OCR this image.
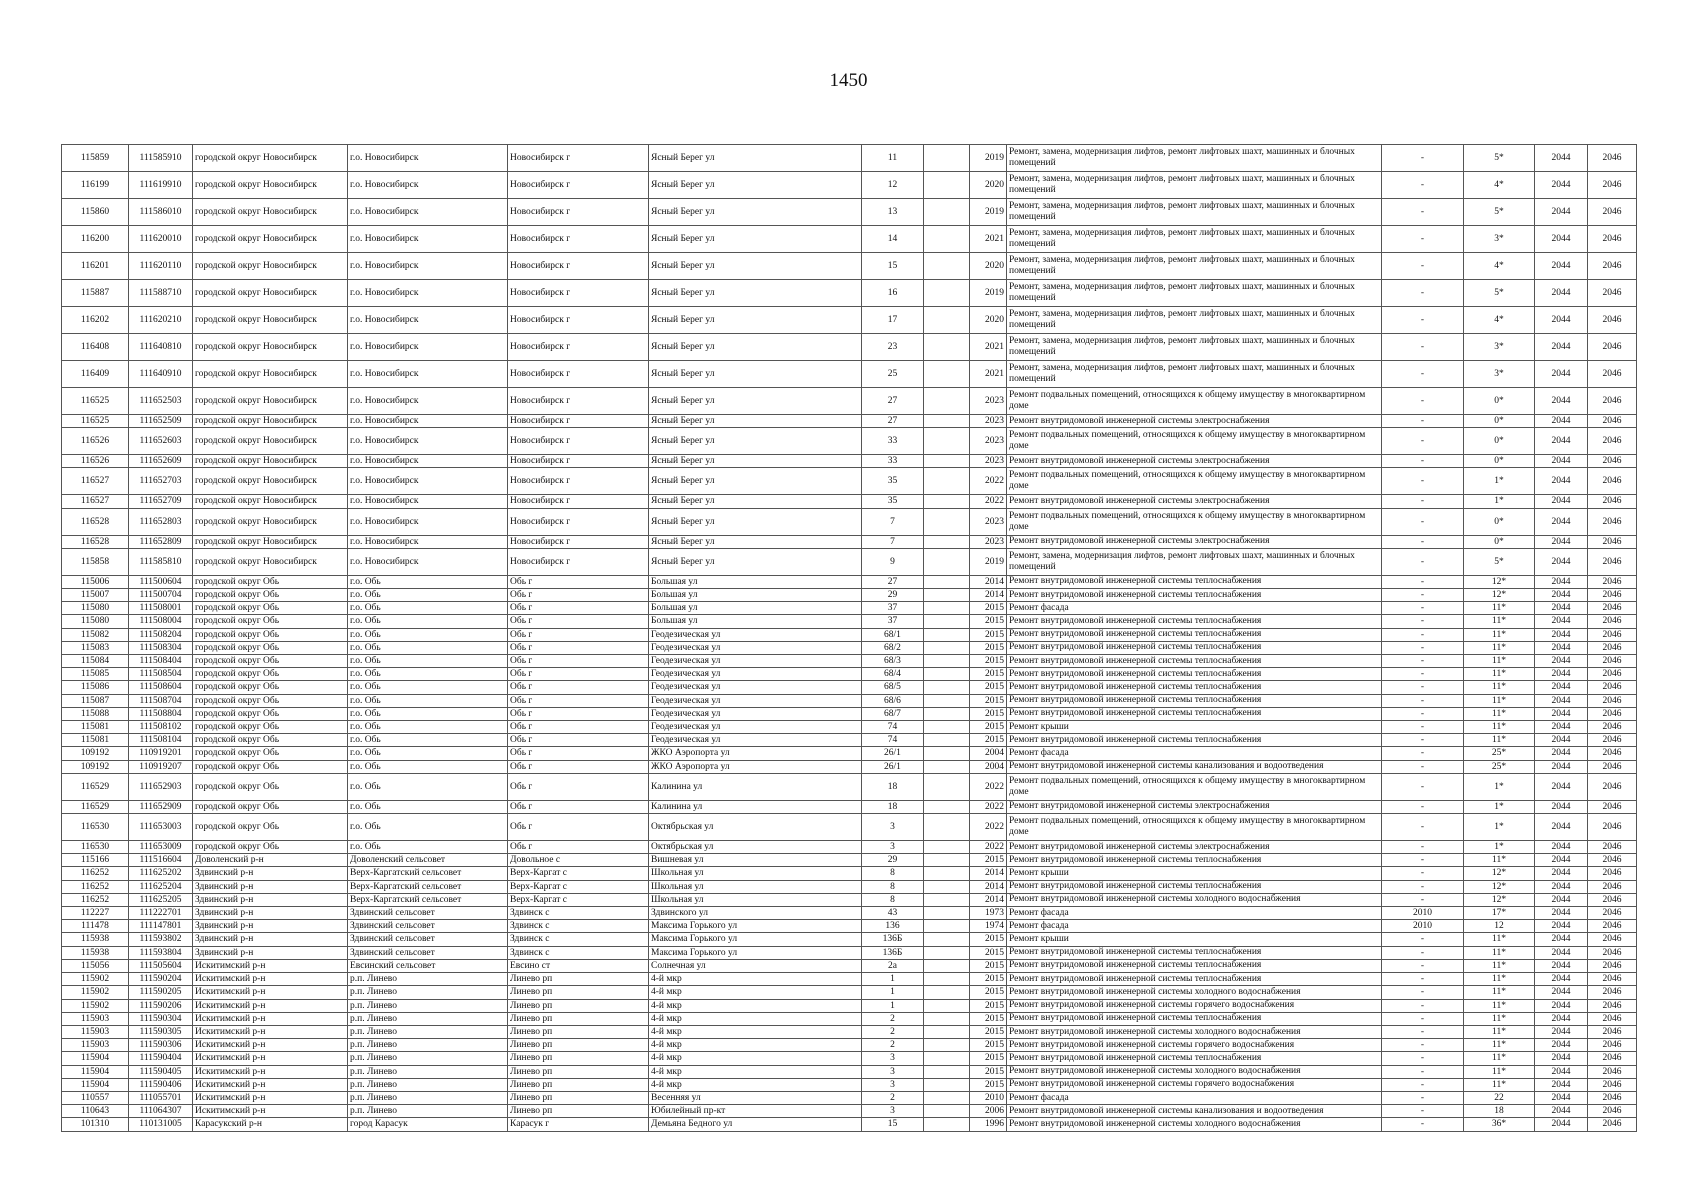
1450
115859	111585910	городской округ Новосибирск	г.о. Новосибирск	Новосибирск г	Ясный Берег ул	11		2019	Ремонт, замена, модернизация лифтов, ремонт лифтовых шахт, машинных и блочных помещений	-	5*	2044	2046
116199	111619910	городской округ Новосибирск	г.о. Новосибирск	Новосибирск г	Ясный Берег ул	12		2020	Ремонт, замена, модернизация лифтов, ремонт лифтовых шахт, машинных и блочных помещений	-	4*	2044	2046
115860	111586010	городской округ Новосибирск	г.о. Новосибирск	Новосибирск г	Ясный Берег ул	13		2019	Ремонт, замена, модернизация лифтов, ремонт лифтовых шахт, машинных и блочных помещений	-	5*	2044	2046
116200	111620010	городской округ Новосибирск	г.о. Новосибирск	Новосибирск г	Ясный Берег ул	14		2021	Ремонт, замена, модернизация лифтов, ремонт лифтовых шахт, машинных и блочных помещений	-	3*	2044	2046
116201	111620110	городской округ Новосибирск	г.о. Новосибирск	Новосибирск г	Ясный Берег ул	15		2020	Ремонт, замена, модернизация лифтов, ремонт лифтовых шахт, машинных и блочных помещений	-	4*	2044	2046
115887	111588710	городской округ Новосибирск	г.о. Новосибирск	Новосибирск г	Ясный Берег ул	16		2019	Ремонт, замена, модернизация лифтов, ремонт лифтовых шахт, машинных и блочных помещений	-	5*	2044	2046
116202	111620210	городской округ Новосибирск	г.о. Новосибирск	Новосибирск г	Ясный Берег ул	17		2020	Ремонт, замена, модернизация лифтов, ремонт лифтовых шахт, машинных и блочных помещений	-	4*	2044	2046
116408	111640810	городской округ Новосибирск	г.о. Новосибирск	Новосибирск г	Ясный Берег ул	23		2021	Ремонт, замена, модернизация лифтов, ремонт лифтовых шахт, машинных и блочных помещений	-	3*	2044	2046
116409	111640910	городской округ Новосибирск	г.о. Новосибирск	Новосибирск г	Ясный Берег ул	25		2021	Ремонт, замена, модернизация лифтов, ремонт лифтовых шахт, машинных и блочных помещений	-	3*	2044	2046
116525	111652503	городской округ Новосибирск	г.о. Новосибирск	Новосибирск г	Ясный Берег ул	27		2023	Ремонт подвальных помещений, относящихся к общему имуществу в многоквартирном доме	-	0*	2044	2046
116525	111652509	городской округ Новосибирск	г.о. Новосибирск	Новосибирск г	Ясный Берег ул	27		2023	Ремонт внутридомовой инженерной системы электроснабжения	-	0*	2044	2046
116526	111652603	городской округ Новосибирск	г.о. Новосибирск	Новосибирск г	Ясный Берег ул	33		2023	Ремонт подвальных помещений, относящихся к общему имуществу в многоквартирном доме	-	0*	2044	2046
116526	111652609	городской округ Новосибирск	г.о. Новосибирск	Новосибирск г	Ясный Берег ул	33		2023	Ремонт внутридомовой инженерной системы электроснабжения	-	0*	2044	2046
116527	111652703	городской округ Новосибирск	г.о. Новосибирск	Новосибирск г	Ясный Берег ул	35		2022	Ремонт подвальных помещений, относящихся к общему имуществу в многоквартирном доме	-	1*	2044	2046
116527	111652709	городской округ Новосибирск	г.о. Новосибирск	Новосибирск г	Ясный Берег ул	35		2022	Ремонт внутридомовой инженерной системы электроснабжения	-	1*	2044	2046
116528	111652803	городской округ Новосибирск	г.о. Новосибирск	Новосибирск г	Ясный Берег ул	7		2023	Ремонт подвальных помещений, относящихся к общему имуществу в многоквартирном доме	-	0*	2044	2046
116528	111652809	городской округ Новосибирск	г.о. Новосибирск	Новосибирск г	Ясный Берег ул	7		2023	Ремонт внутридомовой инженерной системы электроснабжения	-	0*	2044	2046
115858	111585810	городской округ Новосибирск	г.о. Новосибирск	Новосибирск г	Ясный Берег ул	9		2019	Ремонт, замена, модернизация лифтов, ремонт лифтовых шахт, машинных и блочных помещений	-	5*	2044	2046
115006	111500604	городской округ Обь	г.о. Обь	Обь г	Большая ул	27		2014	Ремонт внутридомовой инженерной системы теплоснабжения	-	12*	2044	2046
115007	111500704	городской округ Обь	г.о. Обь	Обь г	Большая ул	29		2014	Ремонт внутридомовой инженерной системы теплоснабжения	-	12*	2044	2046
115080	111508001	городской округ Обь	г.о. Обь	Обь г	Большая ул	37		2015	Ремонт фасада	-	11*	2044	2046
115080	111508004	городской округ Обь	г.о. Обь	Обь г	Большая ул	37		2015	Ремонт внутридомовой инженерной системы теплоснабжения	-	11*	2044	2046
115082	111508204	городской округ Обь	г.о. Обь	Обь г	Геодезическая ул	68/1		2015	Ремонт внутридомовой инженерной системы теплоснабжения	-	11*	2044	2046
115083	111508304	городской округ Обь	г.о. Обь	Обь г	Геодезическая ул	68/2		2015	Ремонт внутридомовой инженерной системы теплоснабжения	-	11*	2044	2046
115084	111508404	городской округ Обь	г.о. Обь	Обь г	Геодезическая ул	68/3		2015	Ремонт внутридомовой инженерной системы теплоснабжения	-	11*	2044	2046
115085	111508504	городской округ Обь	г.о. Обь	Обь г	Геодезическая ул	68/4		2015	Ремонт внутридомовой инженерной системы теплоснабжения	-	11*	2044	2046
115086	111508604	городской округ Обь	г.о. Обь	Обь г	Геодезическая ул	68/5		2015	Ремонт внутридомовой инженерной системы теплоснабжения	-	11*	2044	2046
115087	111508704	городской округ Обь	г.о. Обь	Обь г	Геодезическая ул	68/6		2015	Ремонт внутридомовой инженерной системы теплоснабжения	-	11*	2044	2046
115088	111508804	городской округ Обь	г.о. Обь	Обь г	Геодезическая ул	68/7		2015	Ремонт внутридомовой инженерной системы теплоснабжения	-	11*	2044	2046
115081	111508102	городской округ Обь	г.о. Обь	Обь г	Геодезическая ул	74		2015	Ремонт крыши	-	11*	2044	2046
115081	111508104	городской округ Обь	г.о. Обь	Обь г	Геодезическая ул	74		2015	Ремонт внутридомовой инженерной системы теплоснабжения	-	11*	2044	2046
109192	110919201	городской округ Обь	г.о. Обь	Обь г	ЖКО Аэропорта ул	26/1		2004	Ремонт фасада	-	25*	2044	2046
109192	110919207	городской округ Обь	г.о. Обь	Обь г	ЖКО Аэропорта ул	26/1		2004	Ремонт внутридомовой инженерной системы канализования и водоотведения	-	25*	2044	2046
116529	111652903	городской округ Обь	г.о. Обь	Обь г	Калинина ул	18		2022	Ремонт подвальных помещений, относящихся к общему имуществу в многоквартирном доме	-	1*	2044	2046
116529	111652909	городской округ Обь	г.о. Обь	Обь г	Калинина ул	18		2022	Ремонт внутридомовой инженерной системы электроснабжения	-	1*	2044	2046
116530	111653003	городской округ Обь	г.о. Обь	Обь г	Октябрьская ул	3		2022	Ремонт подвальных помещений, относящихся к общему имуществу в многоквартирном доме	-	1*	2044	2046
116530	111653009	городской округ Обь	г.о. Обь	Обь г	Октябрьская ул	3		2022	Ремонт внутридомовой инженерной системы электроснабжения	-	1*	2044	2046
115166	111516604	Доволенский р-н	Доволенский сельсовет	Довольное с	Вишневая ул	29		2015	Ремонт внутридомовой инженерной системы теплоснабжения	-	11*	2044	2046
116252	111625202	Здвинский р-н	Верх-Каргатский сельсовет	Верх-Каргат с	Школьная ул	8		2014	Ремонт крыши	-	12*	2044	2046
116252	111625204	Здвинский р-н	Верх-Каргатский сельсовет	Верх-Каргат с	Школьная ул	8		2014	Ремонт внутридомовой инженерной системы теплоснабжения	-	12*	2044	2046
116252	111625205	Здвинский р-н	Верх-Каргатский сельсовет	Верх-Каргат с	Школьная ул	8		2014	Ремонт внутридомовой инженерной системы холодного водоснабжения	-	12*	2044	2046
112227	111222701	Здвинский р-н	Здвинский сельсовет	Здвинск с	Здвинского ул	43		1973	Ремонт фасада	2010	17*	2044	2046
111478	111147801	Здвинский р-н	Здвинский сельсовет	Здвинск с	Максима Горького ул	136		1974	Ремонт фасада	2010	12	2044	2046
115938	111593802	Здвинский р-н	Здвинский сельсовет	Здвинск с	Максима Горького ул	136Б		2015	Ремонт крыши	-	11*	2044	2046
115938	111593804	Здвинский р-н	Здвинский сельсовет	Здвинск с	Максима Горького ул	136Б		2015	Ремонт внутридомовой инженерной системы теплоснабжения	-	11*	2044	2046
115056	111505604	Искитимский р-н	Евсинский сельсовет	Евсино ст	Солнечная ул	2а		2015	Ремонт внутридомовой инженерной системы теплоснабжения	-	11*	2044	2046
115902	111590204	Искитимский р-н	р.п. Линево	Линево рп	4-й мкр	1		2015	Ремонт внутридомовой инженерной системы теплоснабжения	-	11*	2044	2046
115902	111590205	Искитимский р-н	р.п. Линево	Линево рп	4-й мкр	1		2015	Ремонт внутридомовой инженерной системы холодного водоснабжения	-	11*	2044	2046
115902	111590206	Искитимский р-н	р.п. Линево	Линево рп	4-й мкр	1		2015	Ремонт внутридомовой инженерной системы горячего водоснабжения	-	11*	2044	2046
115903	111590304	Искитимский р-н	р.п. Линево	Линево рп	4-й мкр	2		2015	Ремонт внутридомовой инженерной системы теплоснабжения	-	11*	2044	2046
115903	111590305	Искитимский р-н	р.п. Линево	Линево рп	4-й мкр	2		2015	Ремонт внутридомовой инженерной системы холодного водоснабжения	-	11*	2044	2046
115903	111590306	Искитимский р-н	р.п. Линево	Линево рп	4-й мкр	2		2015	Ремонт внутридомовой инженерной системы горячего водоснабжения	-	11*	2044	2046
115904	111590404	Искитимский р-н	р.п. Линево	Линево рп	4-й мкр	3		2015	Ремонт внутридомовой инженерной системы теплоснабжения	-	11*	2044	2046
115904	111590405	Искитимский р-н	р.п. Линево	Линево рп	4-й мкр	3		2015	Ремонт внутридомовой инженерной системы холодного водоснабжения	-	11*	2044	2046
115904	111590406	Искитимский р-н	р.п. Линево	Линево рп	4-й мкр	3		2015	Ремонт внутридомовой инженерной системы горячего водоснабжения	-	11*	2044	2046
110557	111055701	Искитимский р-н	р.п. Линево	Линево рп	Весенняя ул	2		2010	Ремонт фасада	-	22	2044	2046
110643	111064307	Искитимский р-н	р.п. Линево	Линево рп	Юбилейный пр-кт	3		2006	Ремонт внутридомовой инженерной системы канализования и водоотведения	-	18	2044	2046
101310	110131005	Карасукский р-н	город Карасук	Карасук г	Демьяна Бедного ул	15		1996	Ремонт внутридомовой инженерной системы холодного водоснабжения	-	36*	2044	2046
